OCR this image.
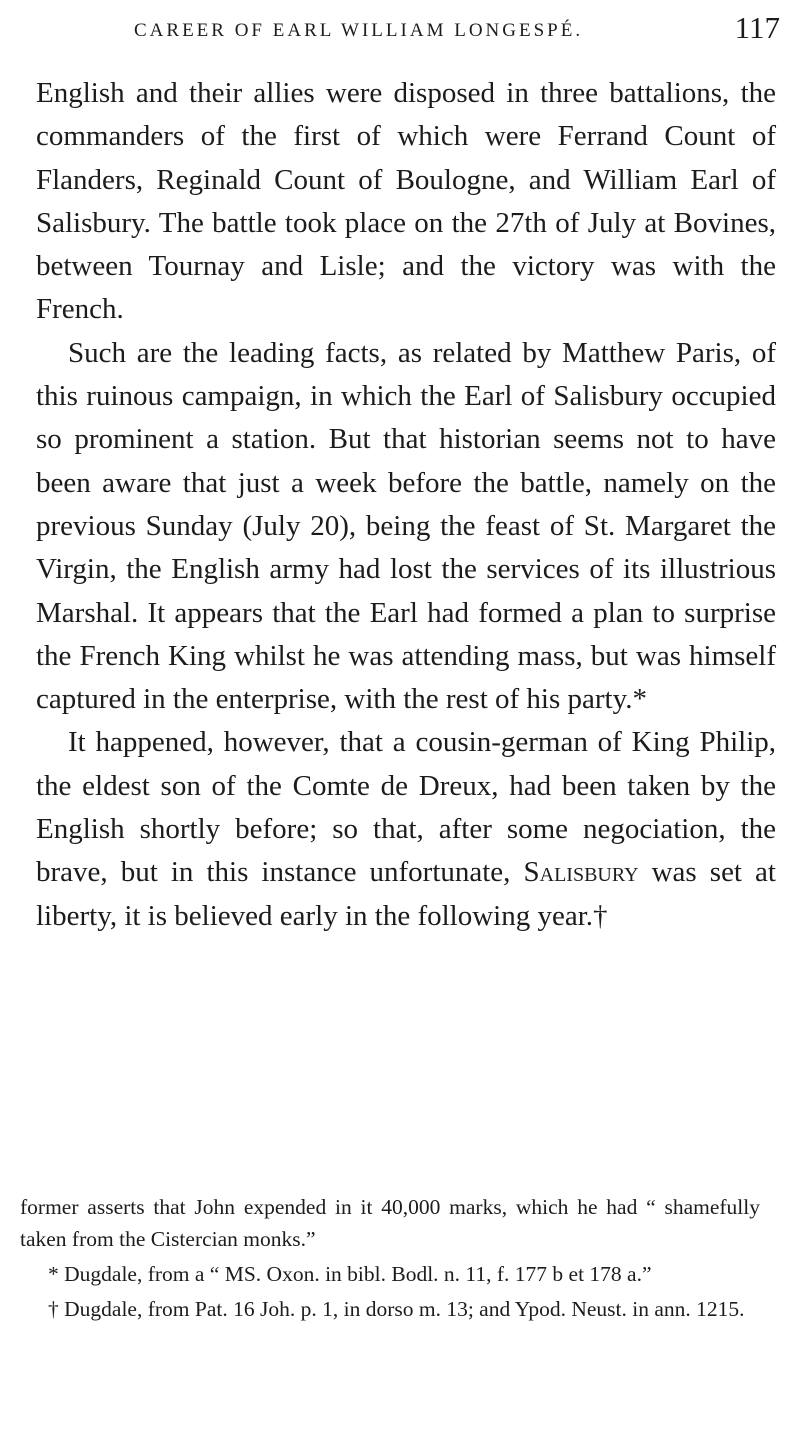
CAREER OF EARL WILLIAM LONGESPÉ.	117

English and their allies were disposed in three battalions, the commanders of the first of which were Ferrand Count of Flanders, Reginald Count of Boulogne, and William Earl of Salisbury. The battle took place on the 27th of July at Bovines, between Tournay and Lisle; and the victory was with the French.

Such are the leading facts, as related by Matthew Paris, of this ruinous campaign, in which the Earl of Salisbury occupied so prominent a station. But that historian seems not to have been aware that just a week before the battle, namely on the previous Sunday (July 20), being the feast of St. Margaret the Virgin, the English army had lost the services of its illustrious Marshal. It appears that the Earl had formed a plan to surprise the French King whilst he was attending mass, but was himself captured in the enterprise, with the rest of his party.*

It happened, however, that a cousin-german of King Philip, the eldest son of the Comte de Dreux, had been taken by the English shortly before; so that, after some negociation, the brave, but in this instance unfortunate, Salisbury was set at liberty, it is believed early in the following year.†

former asserts that John expended in it 40,000 marks, which he had “ shamefully taken from the Cistercian monks.”

* Dugdale, from a “ MS. Oxon. in bibl. Bodl. n. 11, f. 177 b et 178 a.”

† Dugdale, from Pat. 16 Joh. p. 1, in dorso m. 13; and Ypod. Neust. in ann. 1215.
